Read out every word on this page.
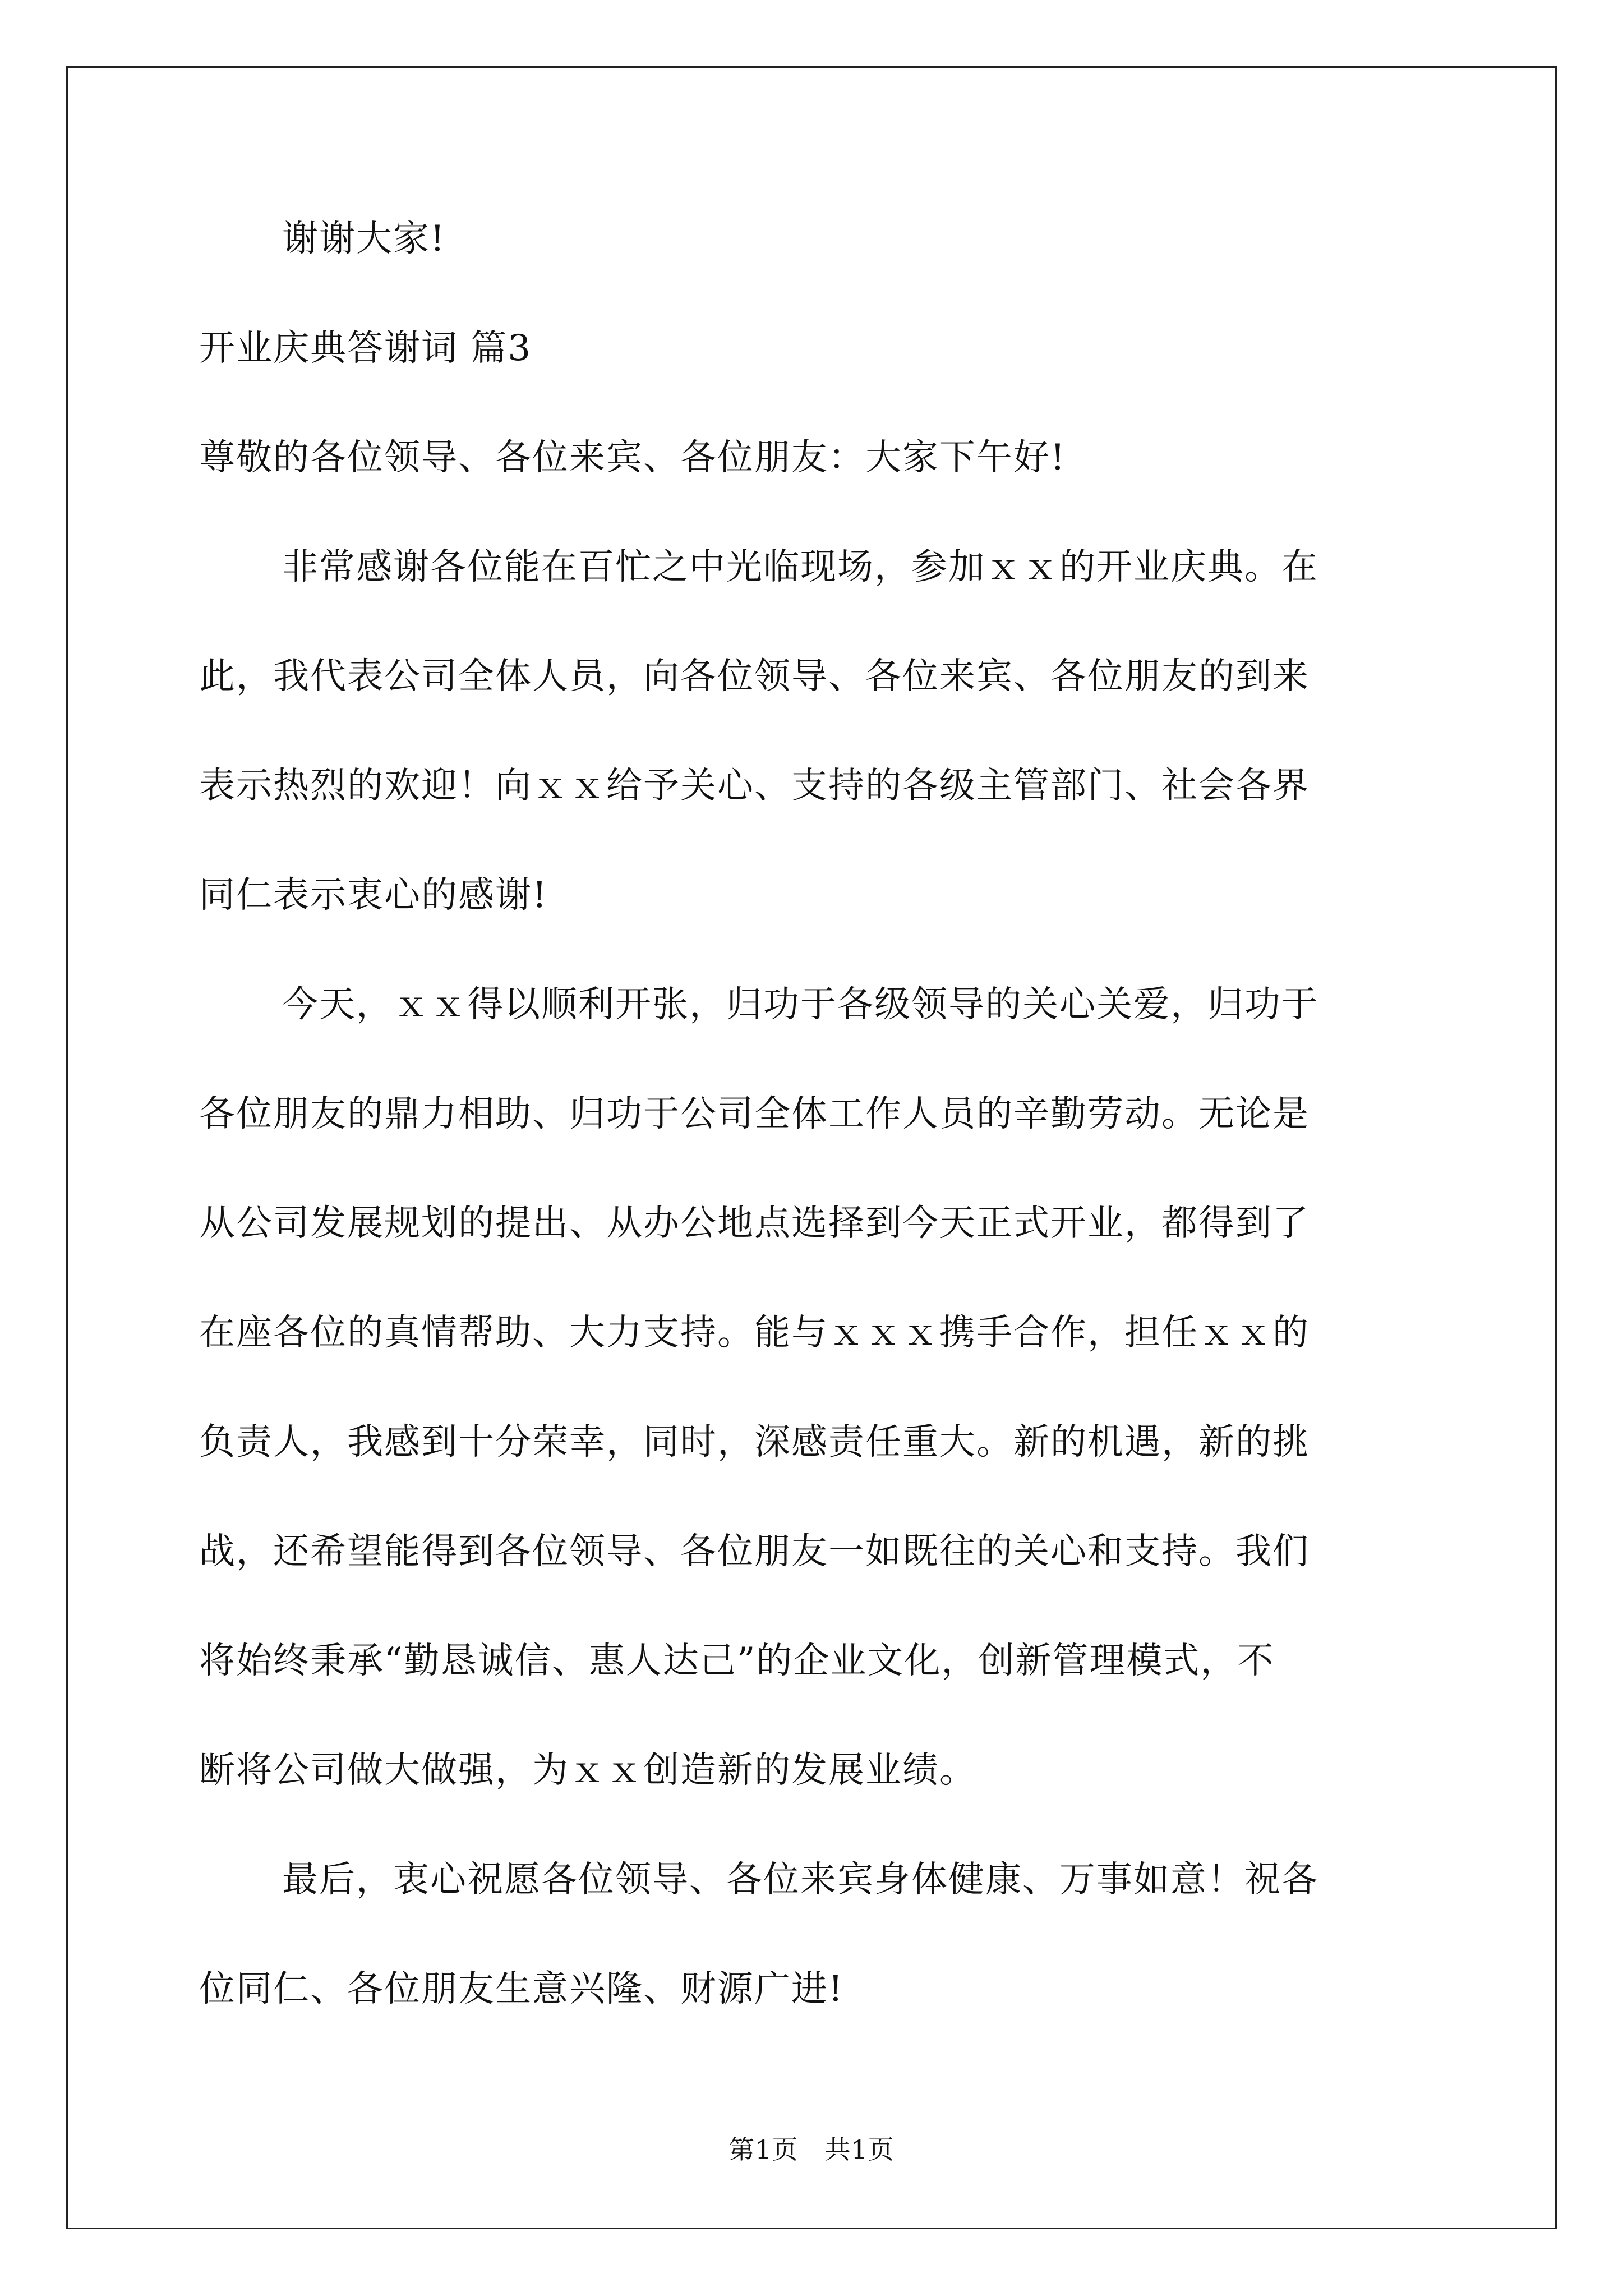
谢谢大家!

开业庆典答谢词 篇3

尊敬的各位领导、各位来宾、各位朋友：大家下午好!

非常感谢各位能在百忙之中光临现场，参加ｘｘ的开业庆典。在

此，我代表公司全体人员，向各位领导、各位来宾、各位朋友的到来

表示热烈的欢迎！向ｘｘ给予关心、支持的各级主管部门、社会各界

同仁表示衷心的感谢!

今天，ｘｘ得以顺利开张，归功于各级领导的关心关爱，归功于

各位朋友的鼎力相助、归功于公司全体工作人员的辛勤劳动。无论是

从公司发展规划的提出、从办公地点选择到今天正式开业，都得到了

在座各位的真情帮助、大力支持。能与ｘｘｘ携手合作，担任ｘｘ的

负责人，我感到十分荣幸，同时，深感责任重大。新的机遇，新的挑

战，还希望能得到各位领导、各位朋友一如既往的关心和支持。我们

将始终秉承“勤恳诚信、惠人达己”的企业文化，创新管理模式，不

断将公司做大做强，为ｘｘ创造新的发展业绩。

最后，衷心祝愿各位领导、各位来宾身体健康、万事如意！祝各

位同仁、各位朋友生意兴隆、财源广进!

第1页   共1页
